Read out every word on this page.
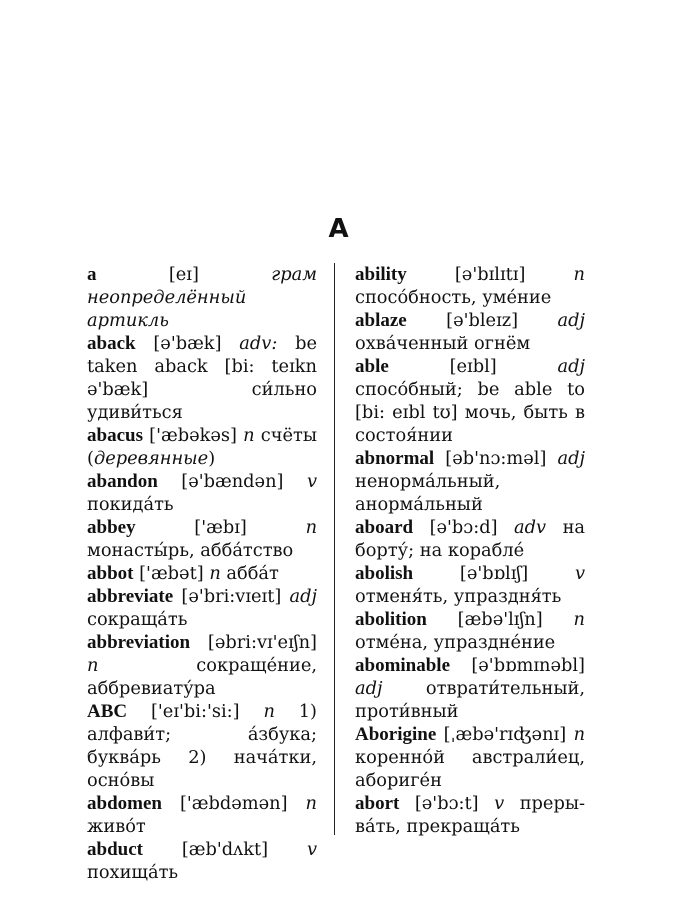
A

a	[eɪ]	грам неопределённый артикль

aback [ə'bæk] adv: be taken aback [bi: teɪkn ə'bæk] си́льно удиви́ться

abacus ['æbəkəs] n счёты (деревянные)

abandon [ə'bændən] v покида́ть

abbey	['æbɪ]	n монасты́рь, абба́тство

abbot ['æbət] n абба́т

abbreviate [ə'bri:vɪeɪt] adj сокраща́ть

abbreviation [əbri:vɪ'eɪʃn] n	сокраще́ние, аббревиату́ра

ABC ['eɪ'bi:'si:] n 1) алфави́т; а́збука; буква́рь 2) нача́тки, осно́вы

abdomen ['æbdəmən] n живо́т

abduct [æb'dʌkt] v похища́ть

ability	[ə'bɪlɪtɪ]	n спосо́бность, уме́ние

ablaze [ə'bleɪz] adj охва́ченный огнём

able	[eɪbl]	adj спосо́бный; be able to [bi: eɪbl tʊ] мочь, быть в состоя́нии

abnormal [əb'nɔ:məl] adj ненорма́льный, анорма́льный

aboard [ə'bɔ:d] adv на борту́; на корабле́

abolish	[ə'bɒlɪʃ]	v отменя́ть, упраздня́ть

abolition [æbə'lɪʃn] n отме́на, упраздне́ние

abominable [ə'bɒmɪnəbl] adj отврати́тельный, проти́вный

Aborigine [ˌæbə'rɪʤənɪ] n коренно́й австрали́ец, абориге́н

abort [ə'bɔ:t] v прерыва́ть, прекраща́ть
